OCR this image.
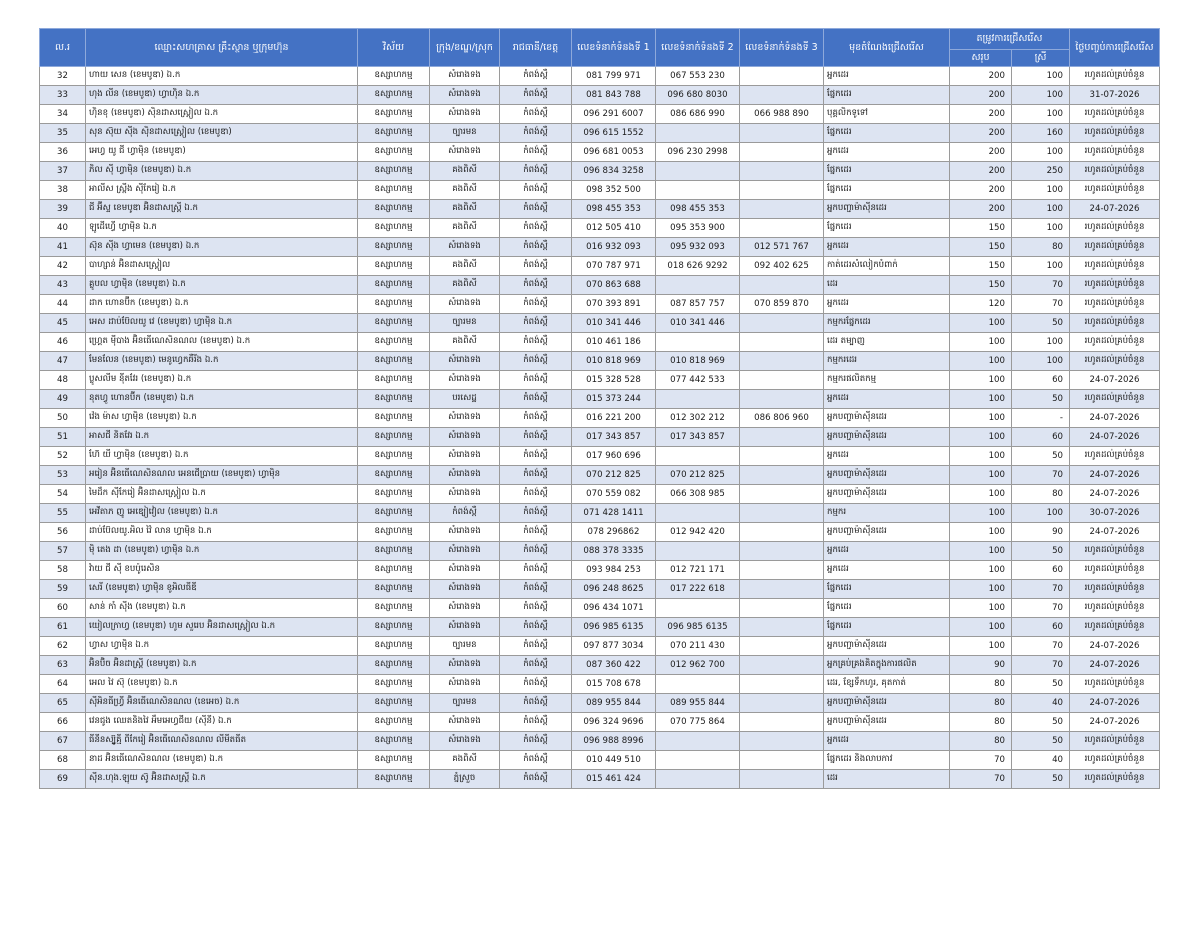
ល.រ	ឈ្មោះសហគ្រាស គ្រឹះស្ថាន ឬក្រុមហ៊ុន	វិស័យ	ក្រុង/ខណ្ឌ/ស្រុក	រាជធានី/ខេត្ត	លេខទំនាក់ទំនងទី 1	លេខទំនាក់ទំនងទី 2	លេខទំនាក់ទំនងទី 3	មុខតំណែងជ្រើសរើស	តម្រូវការជ្រើសរើស		ថ្ងៃបញ្ចប់ការជ្រើសរើស
									សរុប	ស្រី	
32	ហាយ សេន (ខេមបូឌា) ឯ.ក	ឧស្សាហកម្ម	សំរោងទង	កំពង់ស្ពឺ	081 799 971	067 553 230		អ្នកដេរ	200	100	រហូតដល់គ្រប់ចំនួន
33	ហុង លីន (ខេមបូឌា) ហ្វាហ៊ិន ឯ.ក	ឧស្សាហកម្ម	សំរោងទង	កំពង់ស្ពឺ	081 843 788	096 680 8030		ផ្នែកដេរ	200	100	31-07-2026
34	ហ៊ិនខុ (ខេមបូឌា) ស៊ិនដាសស្ត្រៀល ឯ.ក	ឧស្សាហកម្ម	សំរោងទង	កំពង់ស្ពឺ	096 291 6007	086 686 990	066 988 890	បុគ្គលិកទូទៅ	200	100	រហូតដល់គ្រប់ចំនួន
35	សុន ស៊ុយ ស៊ីង ស៊ិនដាសស្ត្រៀល (ខេមបូឌា)	ឧស្សាហកម្ម	ច្បារមន	កំពង់ស្ពឺ	096 615 1552			ផ្នែកដេរ	200	160	រហូតដល់គ្រប់ចំនួន
36	អេហ្វ យូ ជី ហ្វាម៉ិន (ខេមបូឌា)	ឧស្សាហកម្ម	សំរោងទង	កំពង់ស្ពឺ	096 681 0053	096 230 2998		អ្នកដេរ	200	100	រហូតដល់គ្រប់ចំនួន
37	ភិល ស៊ី ហ្វាម៉ិន (ខេមបូឌា) ឯ.ក	ឧស្សាហកម្ម	គងពិសី	កំពង់ស្ពឺ	096 834 3258			ផ្នែកដេរ	200	250	រហូតដល់គ្រប់ចំនួន
38	អាលីស ស្ព្រីង ស៊ីកែរៀ ឯ.ក	ឧស្សាហកម្ម	គងពិសី	កំពង់ស្ពឺ	098 352 500			ផ្នែកដេរ	200	100	រហូតដល់គ្រប់ចំនួន
39	ជី អ៊ីស្ទ ខេមបូឌា អ៊ិនដាសស្ត្រី ឯ.ក	ឧស្សាហកម្ម	គងពិសី	កំពង់ស្ពឺ	098 455 353	098 455 353		អ្នកបញ្ជាម៉ាស៊ីនដេរ	200	100	24-07-2026
40	ឡូដើហ្វើ ហ្វាម៉ិន ឯ.ក	ឧស្សាហកម្ម	គងពិសី	កំពង់ស្ពឺ	012 505 410	095 353 900		ផ្នែកដេរ	150	100	រហូតដល់គ្រប់ចំនួន
41	ស៊ុន ស៊ីង ហ្វាមេន (ខេមបូឌា) ឯ.ក	ឧស្សាហកម្ម	សំរោងទង	កំពង់ស្ពឺ	016 932 093	095 932 093	012 571 767	អ្នកដេរ	150	80	រហូតដល់គ្រប់ចំនួន
42	បាហ្សាន់ អ៊ិនដាសស្ត្រៀល	ឧស្សាហកម្ម	គងពិសី	កំពង់ស្ពឺ	070 787 971	018 626 9292	092 402 625	កាត់ដេរសំលៀកបំពាក់	150	100	រហូតដល់គ្រប់ចំនួន
43	គ្លូបល ហ្វាម៉ិន (ខេមបូឌា) ឯ.ក	ឧស្សាហកម្ម	គងពិសី	កំពង់ស្ពឺ	070 863 688			ដេរ	150	70	រហូតដល់គ្រប់ចំនួន
44	ដាក ហោនប៊ីក (ខេមបូឌា) ឯ.ក	ឧស្សាហកម្ម	សំរោងទង	កំពង់ស្ពឺ	070 393 891	087 857 757	070 859 870	អ្នកដេរ	120	70	រហូតដល់គ្រប់ចំនួន
45	អេស ដាប់ប៊ែលយូ វេ (ខេមបូឌា) ហ្វាម៉ិន ឯ.ក	ឧស្សាហកម្ម	ច្បារមន	កំពង់ស្ពឺ	010 341 446	010 341 446		កម្មករផ្នែកដេរ	100	50	រហូតដល់គ្រប់ចំនួន
46	ហ្គ្រេត ម៉ីបាង អ៊ិនធើណេសិនណល (ខេមបូឌា) ឯ.ក	ឧស្សាហកម្ម	គងពិសី	កំពង់ស្ពឺ	010 461 186			ដេរ តម្បាញ	100	100	រហូតដល់គ្រប់ចំនួន
47	មែនលែន (ខេមបូឌា) មេនូហ្វេកឆឺរីង ឯ.ក	ឧស្សាហកម្ម	សំរោងទង	កំពង់ស្ពឺ	010 818 969	010 818 969		កម្មករដេរ	100	100	រហូតដល់គ្រប់ចំនួន
48	ប្លូសលីម ន៉ីតវែរ (ខេមបូឌា) ឯ.ក	ឧស្សាហកម្ម	សំរោងទង	កំពង់ស្ពឺ	015 328 528	077 442 533		កម្មករផលិតកម្ម	100	60	24-07-2026
49	នុតហ្វូ ហោនប៊ីក (ខេមបូឌា) ឯ.ក	ឧស្សាហកម្ម	បរសេដ្ឋ	កំពង់ស្ពឺ	015 373 244			អ្នកដេរ	100	50	រហូតដល់គ្រប់ចំនួន
50	វ៉េង ម៉ាស ហ្វាម៉ិន (ខេមបូឌា) ឯ.ក	ឧស្សាហកម្ម	សំរោងទង	កំពង់ស្ពឺ	016 221 200	012 302 212	086 806 960	អ្នកបញ្ជាម៉ាស៊ីនដេរ	100	-	24-07-2026
51	អាសជី និតវែរ ឯ.ក	ឧស្សាហកម្ម	សំរោងទង	កំពង់ស្ពឺ	017 343 857	017 343 857		អ្នកបញ្ជាម៉ាស៊ីនដេរ	100	60	24-07-2026
52	ហ៊ែ យី ហ្វាម៉ិន (ខេមបូឌា) ឯ.ក	ឧស្សាហកម្ម	សំរោងទង	កំពង់ស្ពឺ	017 960 696			អ្នកដេរ	100	50	រហូតដល់គ្រប់ចំនួន
53	អរៀន អ៊ិនធើណេសិនណល អេនជើប្រាយ (ខេមបូឌា) ហ្វាម៉ិន	ឧស្សាហកម្ម	សំរោងទង	កំពង់ស្ពឺ	070 212 825	070 212 825		អ្នកបញ្ជាម៉ាស៊ីនដេរ	100	70	24-07-2026
54	មៃដឹក ស៊ីកែរៀ អ៊ិនដាសស្ត្រៀល ឯ.ក	ឧស្សាហកម្ម	សំរោងទង	កំពង់ស្ពឺ	070 559 082	066 308 985		អ្នកបញ្ជាម៉ាស៊ីនដេរ	100	80	24-07-2026
55	អេវីតាភ ញូ អេឌ្យៀវៀល (ខេមបូឌា) ឯ.ក	ឧស្សាហកម្ម	កំពង់ស្ពឺ	កំពង់ស្ពឺ	071 428 1411			កម្មករ	100	100	30-07-2026
56	ដាប់ប៊ែលយូ.អិល វ៉ៃ លាន ហ្វាម៉ិន ឯ.ក	ឧស្សាហកម្ម	សំរោងទង	កំពង់ស្ពឺ	078 296862	012 942 420		អ្នកបញ្ជាម៉ាស៊ីនដេរ	100	90	24-07-2026
57	ម៉ិ តេង ដា (ខេមបូឌា) ហ្វាម៉ិន ឯ.ក	ឧស្សាហកម្ម	សំរោងទង	កំពង់ស្ពឺ	088 378 3335			អ្នកដេរ	100	50	រហូតដល់គ្រប់ចំនួន
58	វ៉ាយ ជី ស៊ី ខបប៉ូរេសិន	ឧស្សាហកម្ម	សំរោងទង	កំពង់ស្ពឺ	093 984 253	012 721 171		អ្នកដេរ	100	60	រហូតដល់គ្រប់ចំនួន
59	សេរី (ខេមបូឌា) ហ្វាម៉ិន ខូអិលធីឌី	ឧស្សាហកម្ម	សំរោងទង	កំពង់ស្ពឺ	096 248 8625	017 222 618		ផ្នែកដេរ	100	70	រហូតដល់គ្រប់ចំនួន
60	សាន់ កាំ ស៊ីង (ខេមបូឌា) ឯ.ក	ឧស្សាហកម្ម	សំរោងទង	កំពង់ស្ពឺ	096 434 1071			ផ្នែកដេរ	100	70	រហូតដល់គ្រប់ចំនួន
61	យៀលក្រាហ្វ (ខេមបូឌា) ហូម សួរេប អ៊ិនដាសស្ត្រៀល ឯ.ក	ឧស្សាហកម្ម	សំរោងទង	កំពង់ស្ពឺ	096 985 6135	096 985 6135		ផ្នែកដេរ	100	60	រហូតដល់គ្រប់ចំនួន
62	ហ្វាស ហ្វាម៉ិន ឯ.ក	ឧស្សាហកម្ម	ច្បារមន	កំពង់ស្ពឺ	097 877 3034	070 211 430		អ្នកបញ្ជាម៉ាស៊ីនដេរ	100	70	24-07-2026
63	អ៊ិនប៊ិច អ៊ិនដាស្ត្រី (ខេមបូឌា) ឯ.ក	ឧស្សាហកម្ម	សំរោងទង	កំពង់ស្ពឺ	087 360 422	012 962 700		អ្នកគ្រប់គ្រងគិតក្នុងការផលិត	90	70	24-07-2026
64	អេល វៃ ស៊ុ (ខេមបូឌា) ឯ.ក	ឧស្សាហកម្ម	សំរោងទង	កំពង់ស្ពឺ	015 708 678			ដេរ, ខ្សែទឹកហូរ, គុតកាត់	80	50	រហូតដល់គ្រប់ចំនួន
65	ស៊ីអិនធីហ្វ្រី អ៊ិនធើណេសិនណល (ខេអេច) ឯ.ក	ឧស្សាហកម្ម	ច្បារមន	កំពង់ស្ពឺ	089 955 844	089 955 844		អ្នកបញ្ជាម៉ាស៊ីនដេរ	80	40	24-07-2026
66	វេនជូង ឈេតនិងវៃ អឹមអេហ្វជីយ (ស៊ីនី) ឯ.ក	ឧស្សាហកម្ម	សំរោងទង	កំពង់ស្ពឺ	096 324 9696	070 775 864		អ្នកបញ្ជាម៉ាស៊ីនដេរ	80	50	24-07-2026
67	ធីនីនស្ប៊ូគ្មី ពីកែរៀ អ៊ិនធើណេសិនណល លីមីតធីត	ឧស្សាហកម្ម	សំរោងទង	កំពង់ស្ពឺ	096 988 8996			អ្នកដេរ	80	50	រហូតដល់គ្រប់ចំនួន
68	នាដ អ៊ិនធើណេសិនណល (ខេមបូឌា) ឯ.ក	ឧស្សាហកម្ម	គងពិសី	កំពង់ស្ពឺ	010 449 510			ផ្នែកដេរ និងលាបកាវ	70	40	រហូតដល់គ្រប់ចំនួន
69	ស៊ីន.ហុង.ឡុយ ស៊ូ អ៊ិនដាសស្ត្រី ឯ.ក	ឧស្សាហកម្ម	ភ្នំស្រួច	កំពង់ស្ពឺ	015 461 424			ដេរ	70	50	រហូតដល់គ្រប់ចំនួន
